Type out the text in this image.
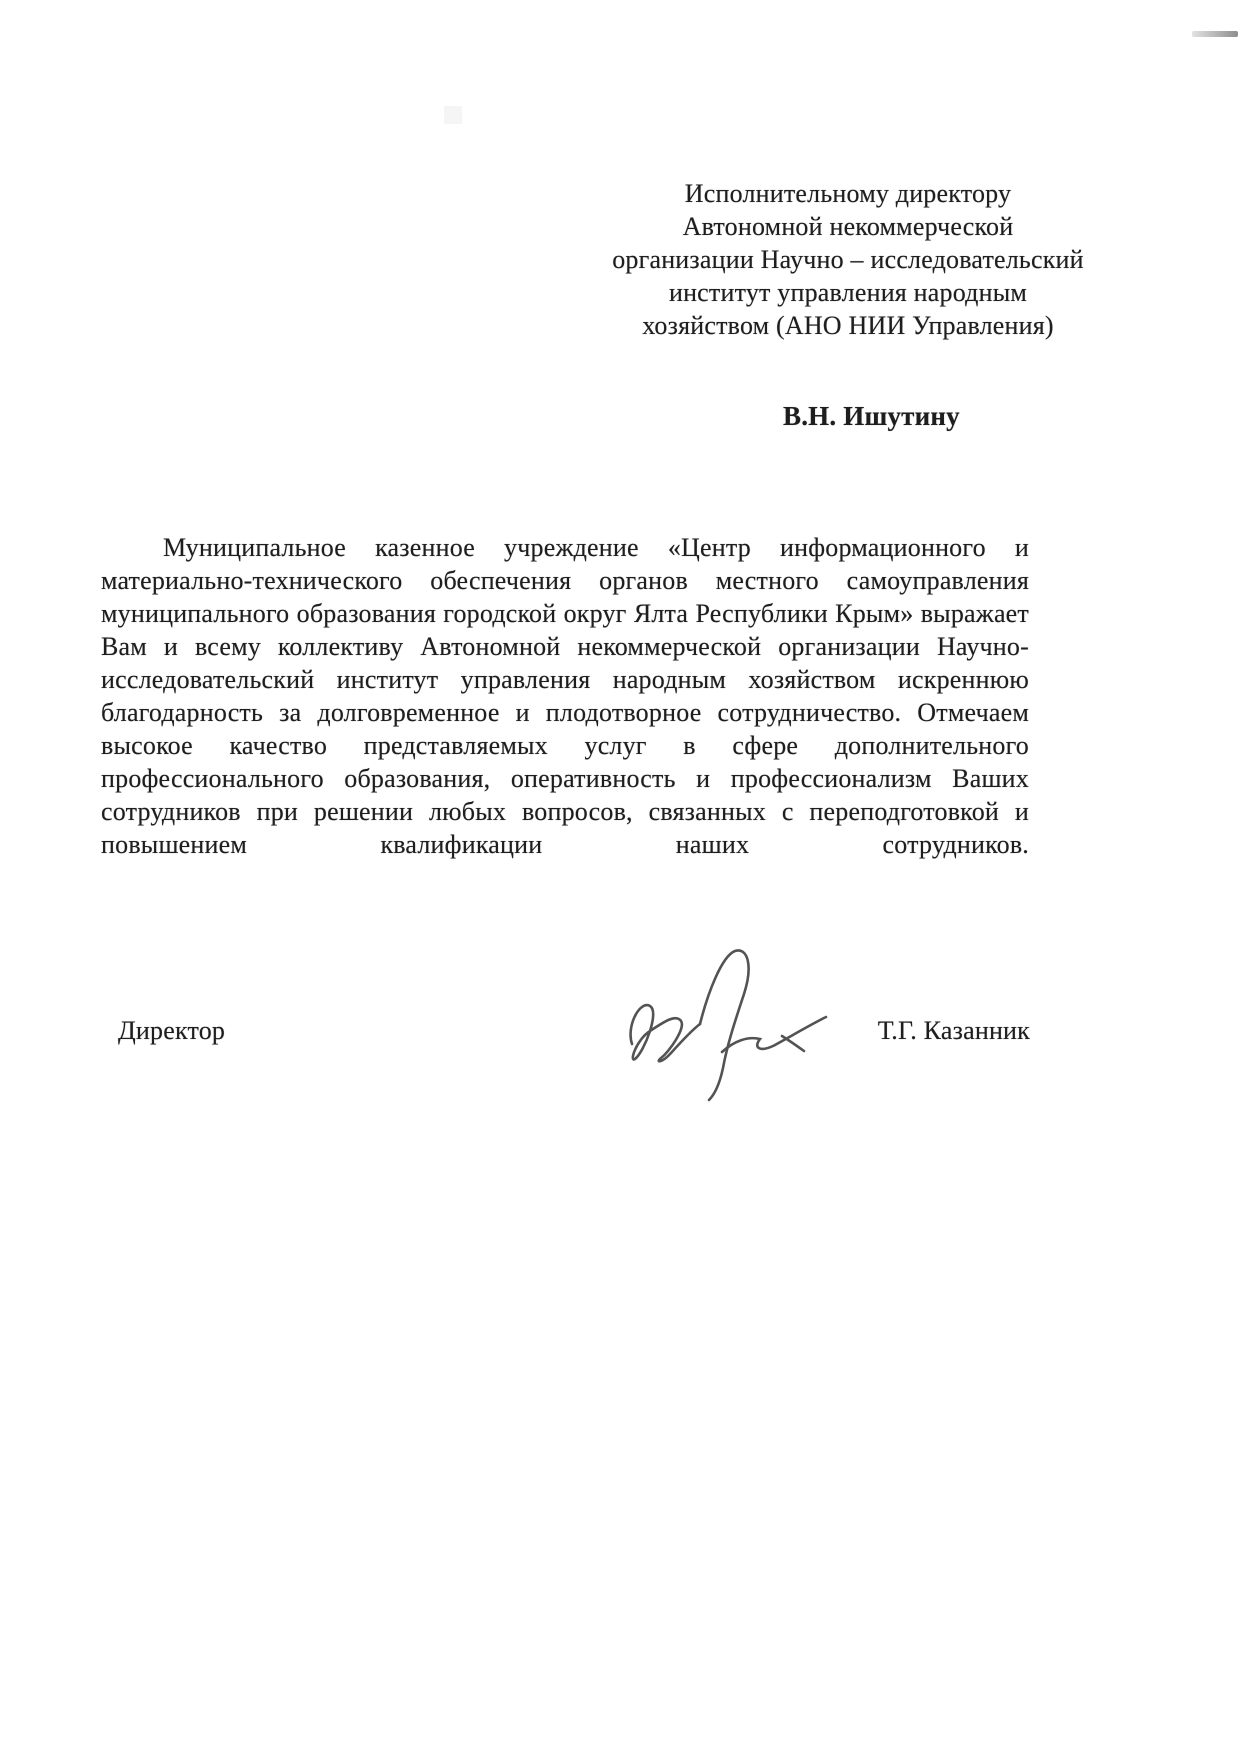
Исполнительному директору
Автономной некоммерческой
организации Научно – исследовательский
институт управления народным
хозяйством (АНО НИИ Управления)
В.Н. Ишутину
Муниципальное казенное учреждение «Центр информационного и
материально-технического обеспечения органов местного самоуправления
муниципального образования городской округ Ялта Республики Крым» выражает
Вам и всему коллективу Автономной некоммерческой организации Научно-
исследовательский институт управления народным хозяйством искреннюю
благодарность за долговременное и плодотворное сотрудничество. Отмечаем
высокое качество представляемых услуг в сфере дополнительного
профессионального образования, оперативность и профессионализм Ваших
сотрудников при решении любых вопросов, связанных с переподготовкой и
повышением квалификации наших сотрудников.
Директор	Т.Г. Казанник
